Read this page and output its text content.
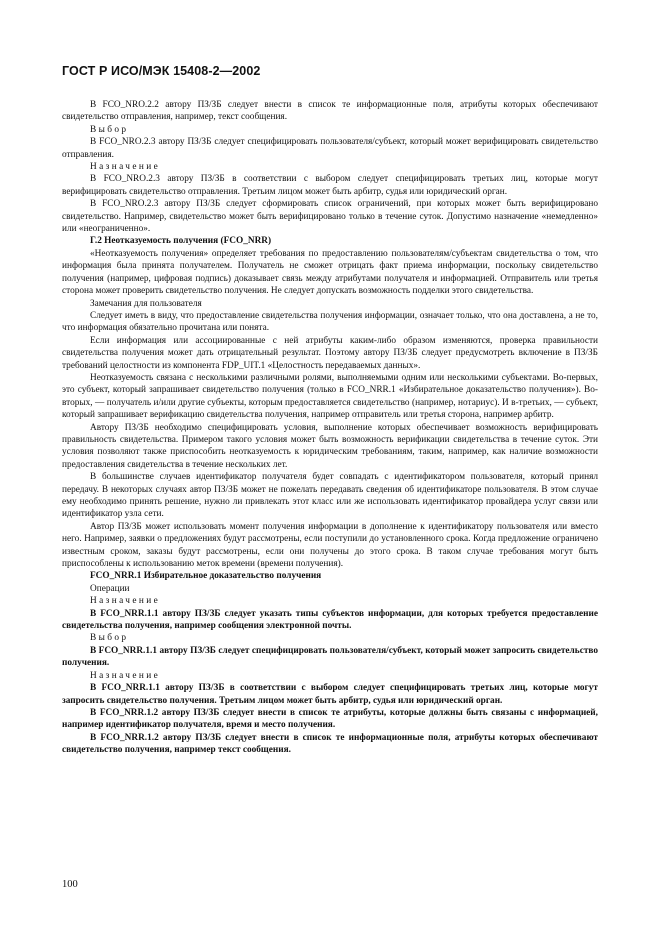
ГОСТ Р ИСО/МЭК 15408-2—2002

В FCO_NRO.2.2 автору ПЗ/ЗБ следует внести в список те информационные поля, атрибуты которых обеспечивают свидетельство отправления, например, текст сообщения.

Выбор

В FCO_NRO.2.3 автору ПЗ/ЗБ следует специфицировать пользователя/субъект, который может верифицировать свидетельство отправления.

Назначение

В FCO_NRO.2.3 автору ПЗ/ЗБ в соответствии с выбором следует специфицировать третьих лиц, которые могут верифицировать свидетельство отправления. Третьим лицом может быть арбитр, судья или юридический орган.

В FCO_NRO.2.3 автору ПЗ/ЗБ следует сформировать список ограничений, при которых может быть верифицировано свидетельство. Например, свидетельство может быть верифицировано только в течение суток. Допустимо назначение «немедленно» или «неограниченно».

Г.2 Неотказуемость получения (FCO_NRR)

«Неотказуемость получения» определяет требования по предоставлению пользователям/субъектам свидетельства о том, что информация была принята получателем. Получатель не сможет отрицать факт приема информации, поскольку свидетельство получения (например, цифровая подпись) доказывает связь между атрибутами получателя и информацией. Отправитель или третья сторона может проверить свидетельство получения. Не следует допускать возможность подделки этого свидетельства.

Замечания для пользователя

Следует иметь в виду, что предоставление свидетельства получения информации, означает только, что она доставлена, а не то, что информация обязательно прочитана или понята.

Если информация или ассоциированные с ней атрибуты каким-либо образом изменяются, проверка правильности свидетельства получения может дать отрицательный результат. Поэтому автору ПЗ/ЗБ следует предусмотреть включение в ПЗ/ЗБ требований целостности из компонента FDP_UIT.1 «Целостность передаваемых данных».

Неотказуемость связана с несколькими различными ролями, выполняемыми одним или несколькими субъектами. Во-первых, это субъект, который запрашивает свидетельство получения (только в FCO_NRR.1 «Избирательное доказательство получения»). Во-вторых, — получатель и/или другие субъекты, которым предоставляется свидетельство (например, нотариус). И в-третьих, — субъект, который запрашивает верификацию свидетельства получения, например отправитель или третья сторона, например арбитр.

Автору ПЗ/ЗБ необходимо специфицировать условия, выполнение которых обеспечивает возможность верифицировать правильность свидетельства. Примером такого условия может быть возможность верификации свидетельства в течение суток. Эти условия позволяют также приспособить неотказуемость к юридическим требованиям, таким, например, как наличие возможности предоставления свидетельства в течение нескольких лет.

В большинстве случаев идентификатор получателя будет совпадать с идентификатором пользователя, который принял передачу. В некоторых случаях автор ПЗ/ЗБ может не пожелать передавать сведения об идентификаторе пользователя. В этом случае ему необходимо принять решение, нужно ли привлекать этот класс или же использовать идентификатор провайдера услуг связи или идентификатор узла сети.

Автор ПЗ/ЗБ может использовать момент получения информации в дополнение к идентификатору пользователя или вместо него. Например, заявки о предложениях будут рассмотрены, если поступили до установленного срока. Когда предложение ограничено известным сроком, заказы будут рассмотрены, если они получены до этого срока. В таком случае требования могут быть приспособлены к использованию меток времени (времени получения).

FCO_NRR.1 Избирательное доказательство получения

Операции

Назначение

В FCO_NRR.1.1 автору ПЗ/ЗБ следует указать типы субъектов информации, для которых требуется предоставление свидетельства получения, например сообщения электронной почты.

Выбор

В FCO_NRR.1.1 автору ПЗ/ЗБ следует специфицировать пользователя/субъект, который может запросить свидетельство получения.

Назначение

В FCO_NRR.1.1 автору ПЗ/ЗБ в соответствии с выбором следует специфицировать третьих лиц, которые могут запросить свидетельство получения. Третьим лицом может быть арбитр, судья или юридический орган.

В FCO_NRR.1.2 автору ПЗ/ЗБ следует внести в список те атрибуты, которые должны быть связаны с информацией, например идентификатор получателя, время и место получения.

В FCO_NRR.1.2 автору ПЗ/ЗБ следует внести в список те информационные поля, атрибуты которых обеспечивают свидетельство получения, например текст сообщения.

100
